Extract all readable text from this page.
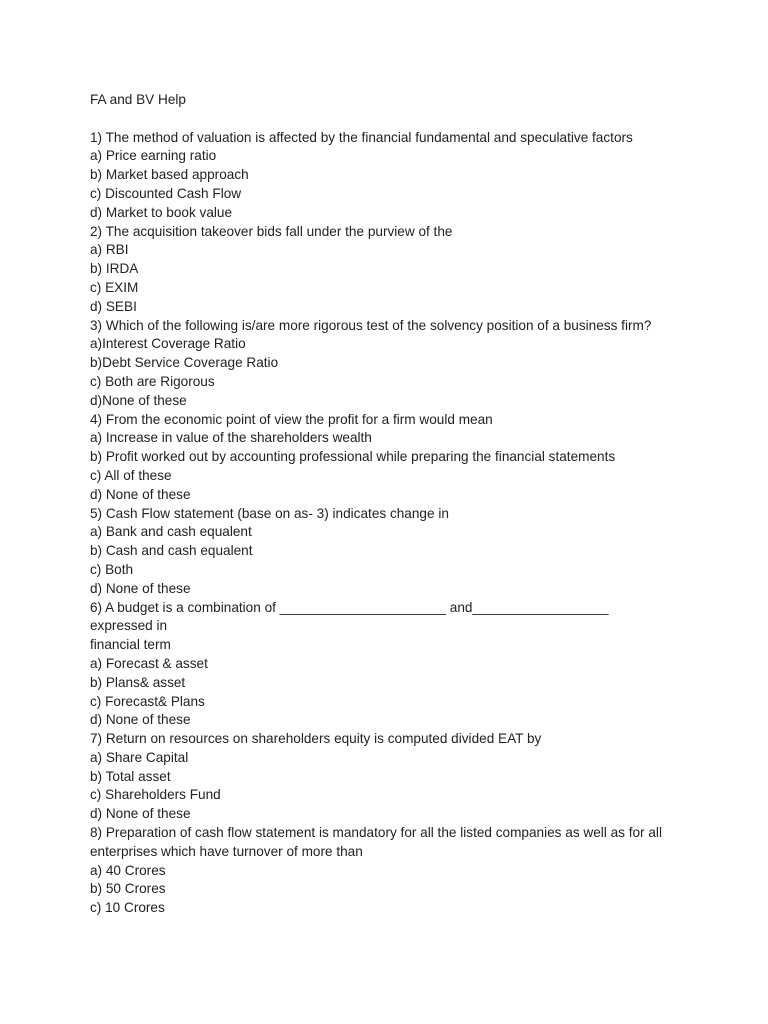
FA and BV Help
1) The method of valuation is affected by the financial fundamental and speculative factors
a) Price earning ratio
b) Market based approach
c) Discounted Cash Flow
d) Market to book value
2) The acquisition takeover bids fall under the purview of the
a) RBI
b) IRDA
c) EXIM
d) SEBI
3) Which of the following is/are more rigorous test of the solvency position of a business firm?
a)Interest Coverage Ratio
b)Debt Service Coverage Ratio
c) Both are Rigorous
d)None of these
4) From the economic point of view the profit for a firm would mean
a) Increase in value of the shareholders wealth
b) Profit worked out by accounting professional while preparing the financial statements
c) All of these
d) None of these
5) Cash Flow statement (base on as- 3) indicates change in
a) Bank and cash equalent
b) Cash and cash equalent
c) Both
d) None of these
6) A budget is a combination of ______________________ and__________________
expressed in
financial term
a) Forecast & asset
b) Plans& asset
c) Forecast& Plans
d) None of these
7) Return on resources on shareholders equity is computed divided EAT by
a) Share Capital
b) Total asset
c) Shareholders Fund
d) None of these
8) Preparation of cash flow statement is mandatory for all the listed companies as well as for all
enterprises which have turnover of more than
a) 40 Crores
b) 50 Crores
c) 10 Crores
